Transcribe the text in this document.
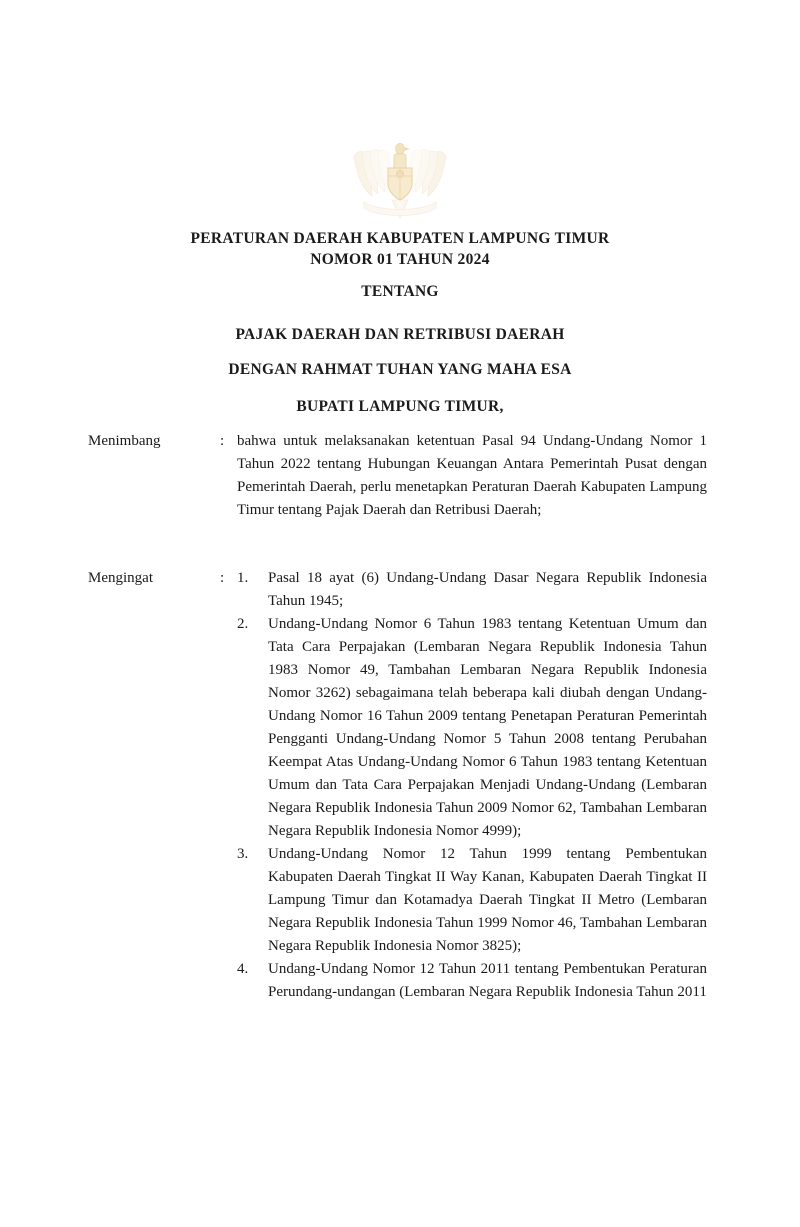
PERATURAN DAERAH KABUPATEN LAMPUNG TIMUR
NOMOR 01 TAHUN 2024
TENTANG
PAJAK DAERAH DAN RETRIBUSI DAERAH
DENGAN RAHMAT TUHAN YANG MAHA ESA
BUPATI LAMPUNG TIMUR,
Menimbang	: bahwa untuk melaksanakan ketentuan Pasal 94 Undang-Undang Nomor 1 Tahun 2022 tentang Hubungan Keuangan Antara Pemerintah Pusat dengan Pemerintah Daerah, perlu menetapkan Peraturan Daerah Kabupaten Lampung Timur tentang Pajak Daerah dan Retribusi Daerah;

Mengingat	: 1.	Pasal 18 ayat (6) Undang-Undang Dasar Negara Republik Indonesia Tahun 1945;
2.	Undang-Undang Nomor 6 Tahun 1983 tentang Ketentuan Umum dan Tata Cara Perpajakan (Lembaran Negara Republik Indonesia Tahun 1983 Nomor 49, Tambahan Lembaran Negara Republik Indonesia Nomor 3262) sebagaimana telah beberapa kali diubah dengan Undang-Undang Nomor 16 Tahun 2009 tentang Penetapan Peraturan Pemerintah Pengganti Undang-Undang Nomor 5 Tahun 2008 tentang Perubahan Keempat Atas Undang-Undang Nomor 6 Tahun 1983 tentang Ketentuan Umum dan Tata Cara Perpajakan Menjadi Undang-Undang (Lembaran Negara Republik Indonesia Tahun 2009 Nomor 62, Tambahan Lembaran Negara Republik Indonesia Nomor 4999);
3.	Undang-Undang Nomor 12 Tahun 1999 tentang Pembentukan Kabupaten Daerah Tingkat II Way Kanan, Kabupaten Daerah Tingkat II Lampung Timur dan Kotamadya Daerah Tingkat II Metro (Lembaran Negara Republik Indonesia Tahun 1999 Nomor 46, Tambahan Lembaran Negara Republik Indonesia Nomor 3825);
4.	Undang-Undang Nomor 12 Tahun 2011 tentang Pembentukan Peraturan Perundang-undangan (Lembaran Negara Republik Indonesia Tahun 2011
